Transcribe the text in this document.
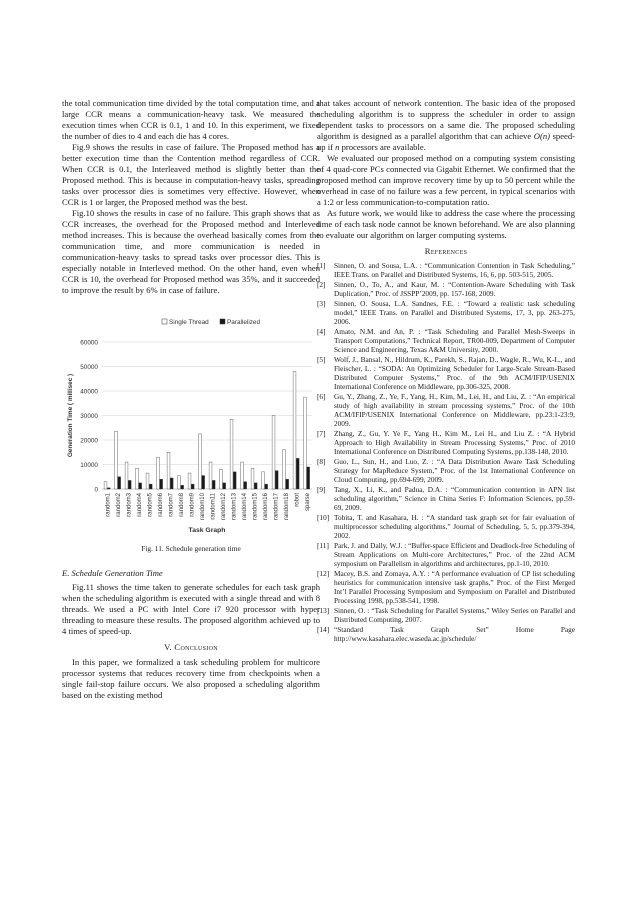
the total communication time divided by the total computation time, and a large CCR means a communication-heavy task. We measured the execution times when CCR is 0.1, 1 and 10. In this experiment, we fixed the number of dies to 4 and each die has 4 cores.

Fig.9 shows the results in case of failure. The Proposed method has a better execution time than the Contention method regardless of CCR. When CCR is 0.1, the Interleaved method is slightly better than the Proposed method. This is because in computation-heavy tasks, spreading tasks over processor dies is sometimes very effective. However, when CCR is 1 or larger, the Proposed method was the best.

Fig.10 shows the results in case of no failure. This graph shows that as CCR increases, the overhead for the Proposed method and Interleved method increases. This is because the overhead basically comes from the communication time, and more communication is needed in communication-heavy tasks to spread tasks over processor dies. This is especially notable in Interleved method. On the other hand, even when CCR is 10, the overhead for Proposed method was 35%, and it succeeded to improve the result by 6% in case of failure.

0
10000
20000
30000
40000
50000
60000
Generation Time ( millisec )
Single Thread	Parallelized
random1 random2 random3 random4 random5 random6 random7 random8 random9 random10 random11 random12 random13 random14 random15 random16 random17 random18 robot sparse
Task Graph
Fig. 11. Schedule generation time
E. Schedule Generation Time

Fig.11 shows the time taken to generate schedules for each task graph when the scheduling algorithm is executed with a single thread and with 8 threads. We used a PC with Intel Core i7 920 processor with hyper threading to measure these results. The proposed algorithm achieved up to 4 times of speed-up.

V. Conclusion

In this paper, we formalized a task scheduling problem for multicore processor systems that reduces recovery time from checkpoints when a single fail-stop failure occurs. We also proposed a scheduling algorithm based on the existing method

that takes account of network contention. The basic idea of the proposed scheduling algorithm is to suppress the scheduler in order to assign dependent tasks to processors on a same die. The proposed scheduling algorithm is designed as a parallel algorithm that can achieve O(n) speed-up if n processors are available.

We evaluated our proposed method on a computing system consisting of 4 quad-core PCs connected via Gigabit Ethernet. We confirmed that the proposed method can improve recovery time by up to 50 percent while the overhead in case of no failure was a few percent, in typical scenarios with a 1:2 or less communication-to-computation ratio.

As future work, we would like to address the case where the processing time of each task node cannot be known beforehand. We are also planning to evaluate our algorithm on larger computing systems.

References
[1]	Sinnen, O. and Sousa, L.A. : “Communication Contention in Task Scheduling,” IEEE Trans. on Parallel and Distributed Systems, 16, 6, pp. 503-515, 2005.
[2]	Sinnen, O., To, A., and Kaur, M. : “Contention-Aware Scheduling with Task Duplication,” Proc. of JSSPP’2009, pp. 157-168, 2009.
[3]	Sinnen, O. Sousa, L.A. Sandnes, F.E. : “Toward a realistic task scheduling model,” IEEE Trans. on Parallel and Distributed Systems, 17, 3, pp. 263-275, 2006.
[4]	Amato, N.M. and An, P. : “Task Scheduling and Parallel Mesh-Sweeps in Transport Computations,” Technical Report, TR00-009, Department of Computer Science and Engineering, Texas A&M University, 2000.
[5]	Wolf, J., Bansal, N., Hildrum, K., Parekh, S., Rajan, D., Wagle, R., Wu, K-L., and Fleischer, L. : “SODA: An Optimizing Scheduler for Large-Scale Stream-Based Distributed Computer Systems,” Proc. of the 9th ACM/IFIP/USENIX International Conference on Middleware, pp.306-325, 2008.
[6]	Gu, Y., Zhang, Z., Ye, F., Yang, H., Kim, M., Lei, H., and Liu, Z. : “An empirical study of high availability in stream processing systems,” Proc. of the 10th ACM/IFIP/USENIX International Conference on Middleware, pp.23:1-23:9, 2009.
[7]	Zhang, Z., Gu, Y. Ye F., Yang H., Kim M., Lei H., and Liu Z. : “A Hybrid Approach to High Availability in Stream Processing Systems,” Proc. of 2010 International Conference on Distributed Computing Systems, pp.138-148, 2010.
[8]	Guo, L., Sun, H., and Luo, Z. : “A Data Distribution Aware Task Scheduling Strategy for MapReduce System,” Proc. of the 1st International Conference on Cloud Computing, pp.694-699, 2009.
[9]	Tang, X., Li, K., and Padua, D.A. : “Communication contention in APN list scheduling algorithm,” Science in China Series F: Information Sciences, pp.59-69, 2009.
[10] Tobita, T. and Kasahara, H. : “A standard task graph set for fair evaluation of multiprocessor scheduling algorithms,” Journal of Scheduling, 5, 5, pp.379-394, 2002.
[11] Park, J. and Dally, W.J. : “Buffer-space Efficient and Deadlock-free Scheduling of Stream Applications on Multi-core Architectures,” Proc. of the 22nd ACM symposium on Parallelism in algorithms and architectures, pp.1-10, 2010.
[12] Macey, B.S. and Zomaya, A.Y. : “A performance evaluation of CP list scheduling heuristics for communication intensive task graphs,” Proc. of the First Merged Int’l Parallel Processing Symposium and Symposium on Parallel and Distributed Processing 1998, pp.538-541, 1998.
[13] Sinnen, O. : “Task Scheduling for Parallel Systems,” Wiley Series on Parallel and Distributed Computing, 2007.
[14] “Standard Task Graph Set” Home Page http://www.kasahara.elec.waseda.ac.jp/schedule/
